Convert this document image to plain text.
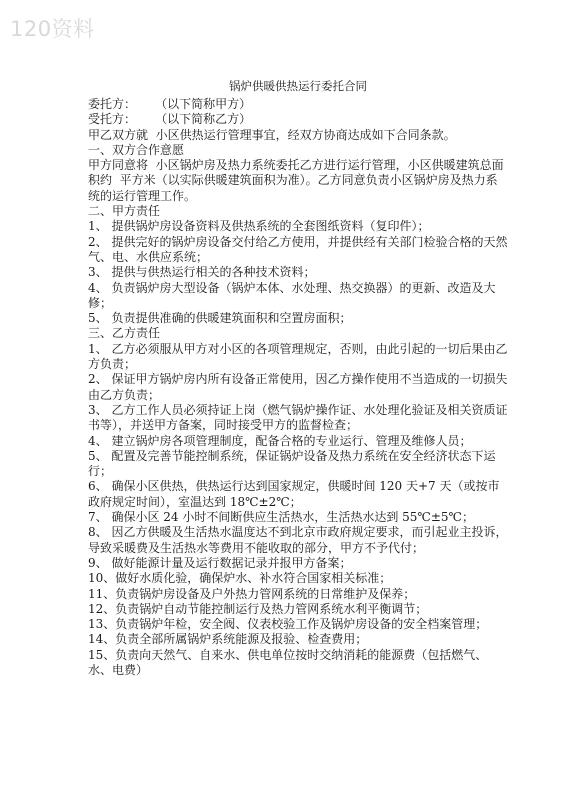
120资料
锅炉供暖供热运行委托合同

委托方：     （以下简称甲方）

受托方：     （以下简称乙方）

甲乙双方就  小区供热运行管理事宜，经双方协商达成如下合同条款。

一、双方合作意愿

甲方同意将  小区锅炉房及热力系统委托乙方进行运行管理，小区供暖建筑总面积约  平方米（以实际供暖建筑面积为准）。乙方同意负责小区锅炉房及热力系统的运行管理工作。

二、甲方责任

1、 提供锅炉房设备资料及供热系统的全套图纸资料（复印件）；

2、 提供完好的锅炉房设备交付给乙方使用，并提供经有关部门检验合格的天然气、电、水供应系统；

3、 提供与供热运行相关的各种技术资料；

4、 负责锅炉房大型设备（锅炉本体、水处理、热交换器）的更新、改造及大修；

5、 负责提供准确的供暖建筑面积和空置房面积；

三、乙方责任

1、 乙方必须服从甲方对小区的各项管理规定，否则，由此引起的一切后果由乙方负责；

2、 保证甲方锅炉房内所有设备正常使用，因乙方操作使用不当造成的一切损失由乙方负责；

3、 乙方工作人员必须持证上岗（燃气锅炉操作证、水处理化验证及相关资质证书等），并送甲方备案，同时接受甲方的监督检查；

4、 建立锅炉房各项管理制度，配备合格的专业运行、管理及维修人员；

5、 配置及完善节能控制系统，保证锅炉设备及热力系统在安全经济状态下运行；

6、 确保小区供热，供热运行达到国家规定，供暖时间 120 天+7 天（或按市政府规定时间），室温达到 18℃±2℃；

7、 确保小区 24 小时不间断供应生活热水，生活热水达到 55℃±5℃；

8、 因乙方供暖及生活热水温度达不到北京市政府规定要求，而引起业主投诉，导致采暖费及生活热水等费用不能收取的部分，甲方不予代付；

9、 做好能源计量及运行数据记录并报甲方备案；

10、做好水质化验，确保炉水、补水符合国家相关标准；

11、负责锅炉房设备及户外热力管网系统的日常维护及保养；

12、负责锅炉自动节能控制运行及热力管网系统水利平衡调节；

13、负责锅炉年检，安全阀、仪表校验工作及锅炉房设备的安全档案管理；

14、负责全部所属锅炉系统能源及报验、检查费用；

15、负责向天然气、自来水、供电单位按时交纳消耗的能源费（包括燃气、水、电费）
